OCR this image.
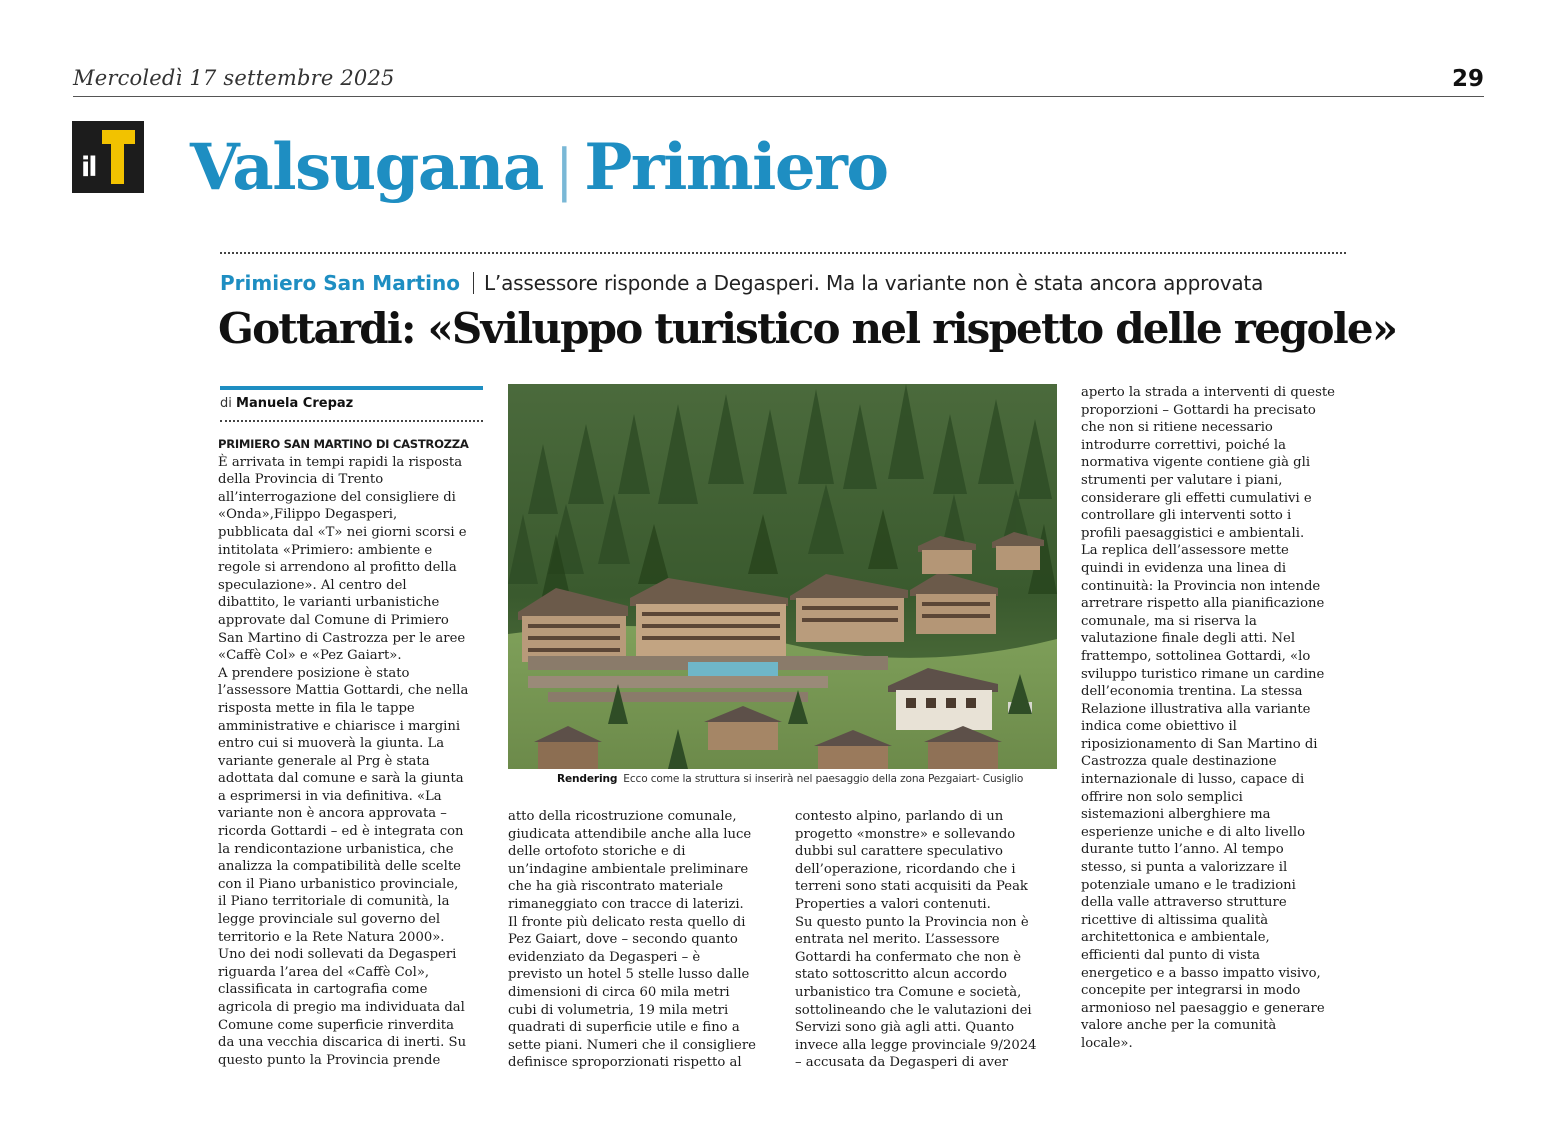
Mercoledì 17 settembre 2025	29
il Valsugana | Primiero
Primiero San Martino L’assessore risponde a Degasperi. Ma la variante non è stata ancora approvata
Gottardi: «Sviluppo turistico nel rispetto delle regole»
di Manuela Crepaz
Rendering Ecco come la struttura si inserirà nel paesaggio della zona Pezgaiart- Cusiglio

PRIMIERO SAN MARTINO DI CASTROZZA

È arrivata in tempi rapidi la risposta

della Provincia di Trento

all’interrogazione del consigliere di

«Onda»,Filippo Degasperi,

pubblicata dal «T» nei giorni scorsi e

intitolata «Primiero: ambiente e

regole si arrendono al profitto della

speculazione». Al centro del

dibattito, le varianti urbanistiche

approvate dal Comune di Primiero

San Martino di Castrozza per le aree

«Caffè Col» e «Pez Gaiart».

A prendere posizione è stato

l’assessore Mattia Gottardi, che nella

risposta mette in fila le tappe

amministrative e chiarisce i margini

entro cui si muoverà la giunta. La

variante generale al Prg è stata

adottata dal comune e sarà la giunta

a esprimersi in via definitiva. «La

variante non è ancora approvata –

ricorda Gottardi – ed è integrata con

la rendicontazione urbanistica, che

analizza la compatibilità delle scelte

con il Piano urbanistico provinciale,

il Piano territoriale di comunità, la

legge provinciale sul governo del

territorio e la Rete Natura 2000».

Uno dei nodi sollevati da Degasperi

riguarda l’area del «Caffè Col»,

classificata in cartografia come

agricola di pregio ma individuata dal

Comune come superficie rinverdita

da una vecchia discarica di inerti. Su

questo punto la Provincia prende

atto della ricostruzione comunale,

giudicata attendibile anche alla luce

delle ortofoto storiche e di

un’indagine ambientale preliminare

che ha già riscontrato materiale

rimaneggiato con tracce di laterizi.

Il fronte più delicato resta quello di

Pez Gaiart, dove – secondo quanto

evidenziato da Degasperi – è

previsto un hotel 5 stelle lusso dalle

dimensioni di circa 60 mila metri

cubi di volumetria, 19 mila metri

quadrati di superficie utile e fino a

sette piani. Numeri che il consigliere

definisce sproporzionati rispetto al

contesto alpino, parlando di un

progetto «monstre» e sollevando

dubbi sul carattere speculativo

dell’operazione, ricordando che i

terreni sono stati acquisiti da Peak

Properties a valori contenuti.

Su questo punto la Provincia non è

entrata nel merito. L’assessore

Gottardi ha confermato che non è

stato sottoscritto alcun accordo

urbanistico tra Comune e società,

sottolineando che le valutazioni dei

Servizi sono già agli atti. Quanto

invece alla legge provinciale 9/2024

– accusata da Degasperi di aver

aperto la strada a interventi di queste

proporzioni – Gottardi ha precisato

che non si ritiene necessario

introdurre correttivi, poiché la

normativa vigente contiene già gli

strumenti per valutare i piani,

considerare gli effetti cumulativi e

controllare gli interventi sotto i

profili paesaggistici e ambientali.

La replica dell’assessore mette

quindi in evidenza una linea di

continuità: la Provincia non intende

arretrare rispetto alla pianificazione

comunale, ma si riserva la

valutazione finale degli atti. Nel

frattempo, sottolinea Gottardi, «lo

sviluppo turistico rimane un cardine

dell’economia trentina. La stessa

Relazione illustrativa alla variante

indica come obiettivo il

riposizionamento di San Martino di

Castrozza quale destinazione

internazionale di lusso, capace di

offrire non solo semplici

sistemazioni alberghiere ma

esperienze uniche e di alto livello

durante tutto l’anno. Al tempo

stesso, si punta a valorizzare il

potenziale umano e le tradizioni

della valle attraverso strutture

ricettive di altissima qualità

architettonica e ambientale,

efficienti dal punto di vista

energetico e a basso impatto visivo,

concepite per integrarsi in modo

armonioso nel paesaggio e generare

valore anche per la comunità

locale».
